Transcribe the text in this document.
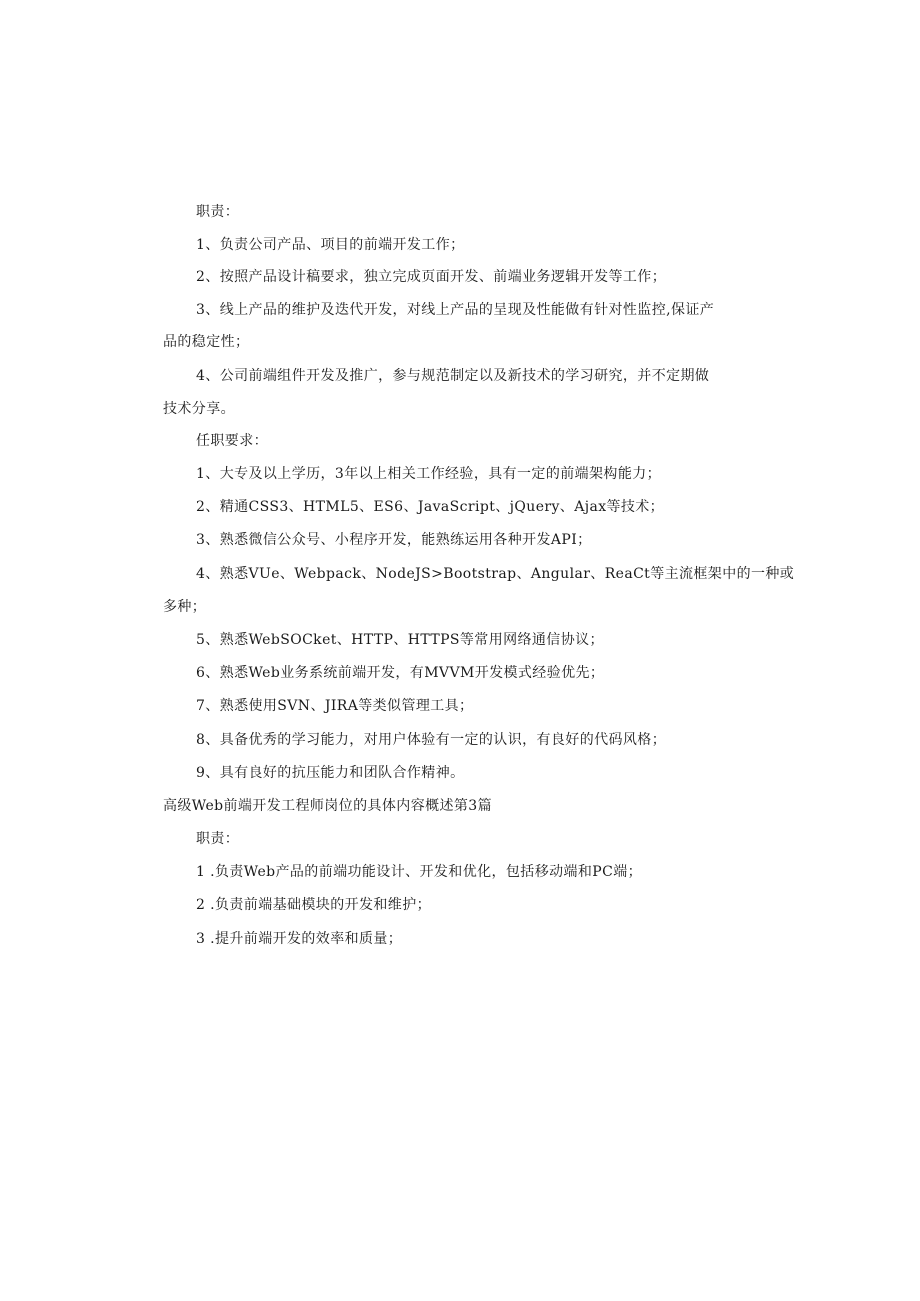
职责：
1、负责公司产品、项目的前端开发工作；
2、按照产品设计稿要求，独立完成页面开发、前端业务逻辑开发等工作；
3、线上产品的维护及迭代开发，对线上产品的呈现及性能做有针对性监控,保证产
品的稳定性；
4、公司前端组件开发及推广，参与规范制定以及新技术的学习研究，并不定期做
技术分享。
任职要求：
1、大专及以上学历，3年以上相关工作经验，具有一定的前端架构能力；
2、精通CSS3、HTML5、ES6、JavaScript、jQuery、Ajax等技术；
3、熟悉微信公众号、小程序开发，能熟练运用各种开发API；
4、熟悉VUe、Webpack、NodeJS>Bootstrap、Angular、ReaCt等主流框架中的一种或
多种；
5、熟悉WebSOCket、HTTP、HTTPS等常用网络通信协议；
6、熟悉Web业务系统前端开发，有MVVM开发模式经验优先；
7、熟悉使用SVN、JIRA等类似管理工具；
8、具备优秀的学习能力，对用户体验有一定的认识，有良好的代码风格；
9、具有良好的抗压能力和团队合作精神。
高级Web前端开发工程师岗位的具体内容概述第3篇
职责：
1 .负责Web产品的前端功能设计、开发和优化，包括移动端和PC端；
2 .负责前端基础模块的开发和维护；
3 .提升前端开发的效率和质量；
